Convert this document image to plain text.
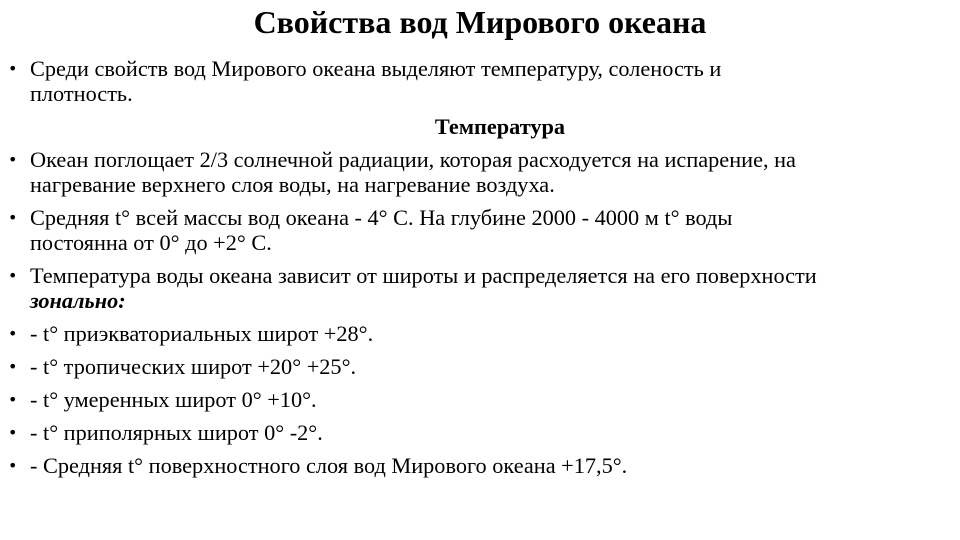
Свойства вод Мирового океана
• Среди свойств вод Мирового океана выделяют температуру, соленость и
плотность.
Температура
• Океан поглощает 2/3 солнечной радиации, которая расходуется на испарение, на
нагревание верхнего слоя воды, на нагревание воздуха.
• Средняя t° всей массы вод океана - 4° С. На глубине 2000 - 4000 м t° воды
постоянна от 0° до +2° С.
• Температура воды океана зависит от широты и распределяется на его поверхности
зонально:
• - t° приэкваториальных широт +28°.
• - t° тропических широт +20° +25°.
• - t° умеренных широт 0° +10°.
• - t° приполярных широт 0° -2°.
• - Средняя t° поверхностного слоя вод Мирового океана +17,5°.
